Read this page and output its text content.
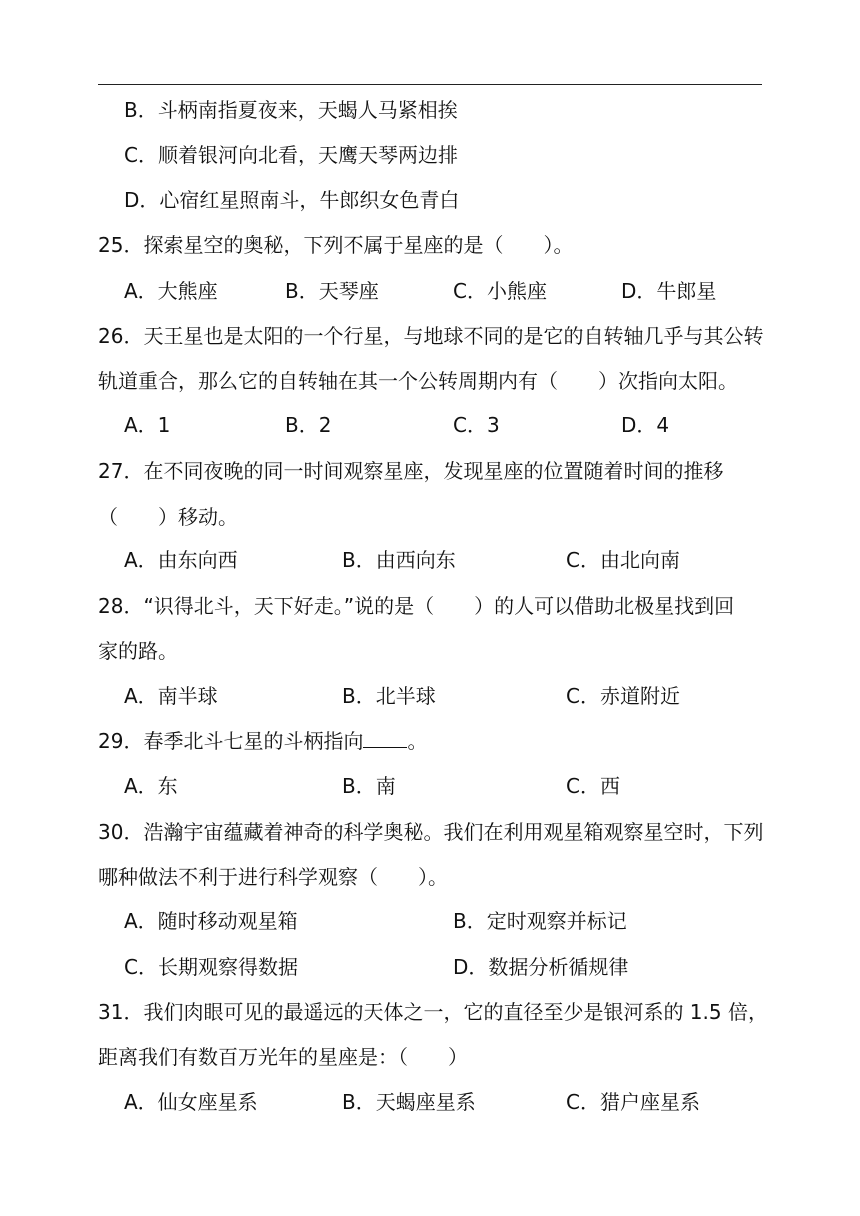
B．斗柄南指夏夜来，天蝎人马紧相挨
C．顺着银河向北看，天鹰天琴两边排
D．心宿红星照南斗，牛郎织女色青白
25．探索星空的奥秘，下列不属于星座的是（　　）。
A．大熊座	B．天琴座	C．小熊座	D．牛郎星
26．天王星也是太阳的一个行星，与地球不同的是它的自转轴几乎与其公转
轨道重合，那么它的自转轴在其一个公转周期内有（　　）次指向太阳。
A．1	B．2	C．3	D．4
27．在不同夜晚的同一时间观察星座，发现星座的位置随着时间的推移
（　　）移动。
A．由东向西	B．由西向东	C．由北向南
28．“识得北斗，天下好走。”说的是（　　）的人可以借助北极星找到回
家的路。
A．南半球	B．北半球	C．赤道附近
29．春季北斗七星的斗柄指向 。
A．东	B．南	C．西
30．浩瀚宇宙蕴藏着神奇的科学奥秘。我们在利用观星箱观察星空时，下列
哪种做法不利于进行科学观察（　　）。
A．随时移动观星箱	B．定时观察并标记
C．长期观察得数据	D．数据分析循规律
31．我们肉眼可见的最遥远的天体之一，它的直径至少是银河系的 1.5 倍，
距离我们有数百万光年的星座是：（　　）
A．仙女座星系	B．天蝎座星系	C．猎户座星系
